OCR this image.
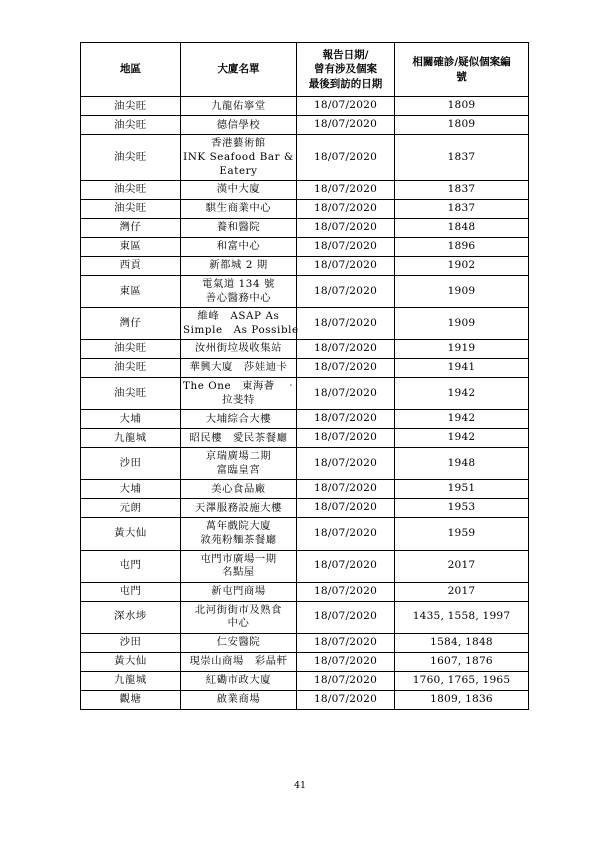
地區	大廈名單	報告日期/
曾有涉及個案
最後到訪的日期	相關確診/疑似個案編
號

油尖旺	九龍佑寧堂	18/07/2020	1809

油尖旺	德信學校	18/07/2020	1809

油尖旺	香港藝術館
INK Seafood Bar &
Eatery	18/07/2020	1837

油尖旺	漢中大廈	18/07/2020	1837

油尖旺	騏生商業中心	18/07/2020	1837

灣仔	養和醫院	18/07/2020	1848

東區	和富中心	18/07/2020	1896

西貢	新都城 2 期	18/07/2020	1902

東區	電氣道 134 號
善心醫務中心	18/07/2020	1909

灣仔	維峰　ASAP As
Simple　As Possible	18/07/2020	1909

油尖旺	汝州街垃圾收集站	18/07/2020	1919

油尖旺	華興大廈　莎娃迪卡	18/07/2020	1941

油尖旺	The One　東海薈　‧
拉斐特	18/07/2020	1942

大埔	大埔綜合大樓	18/07/2020	1942

九龍城	昭民樓　愛民茶餐廳	18/07/2020	1942

沙田	京瑞廣場二期
富臨皇宮	18/07/2020	1948

大埔	美心食品廠	18/07/2020	1951

元朗	天澤服務設施大樓	18/07/2020	1953

黃大仙	萬年戲院大廈
敘苑粉麵茶餐廳	18/07/2020	1959

屯門	屯門市廣場一期
名點屋	18/07/2020	2017

屯門	新屯門商場	18/07/2020	2017

深水埗	北河街街市及熟食
中心	18/07/2020	1435, 1558, 1997

沙田	仁安醫院	18/07/2020	1584, 1848

黃大仙	現崇山商場　彩晶軒	18/07/2020	1607, 1876

九龍城	紅磡市政大廈	18/07/2020	1760, 1765, 1965

觀塘	啟業商場	18/07/2020	1809, 1836
41
